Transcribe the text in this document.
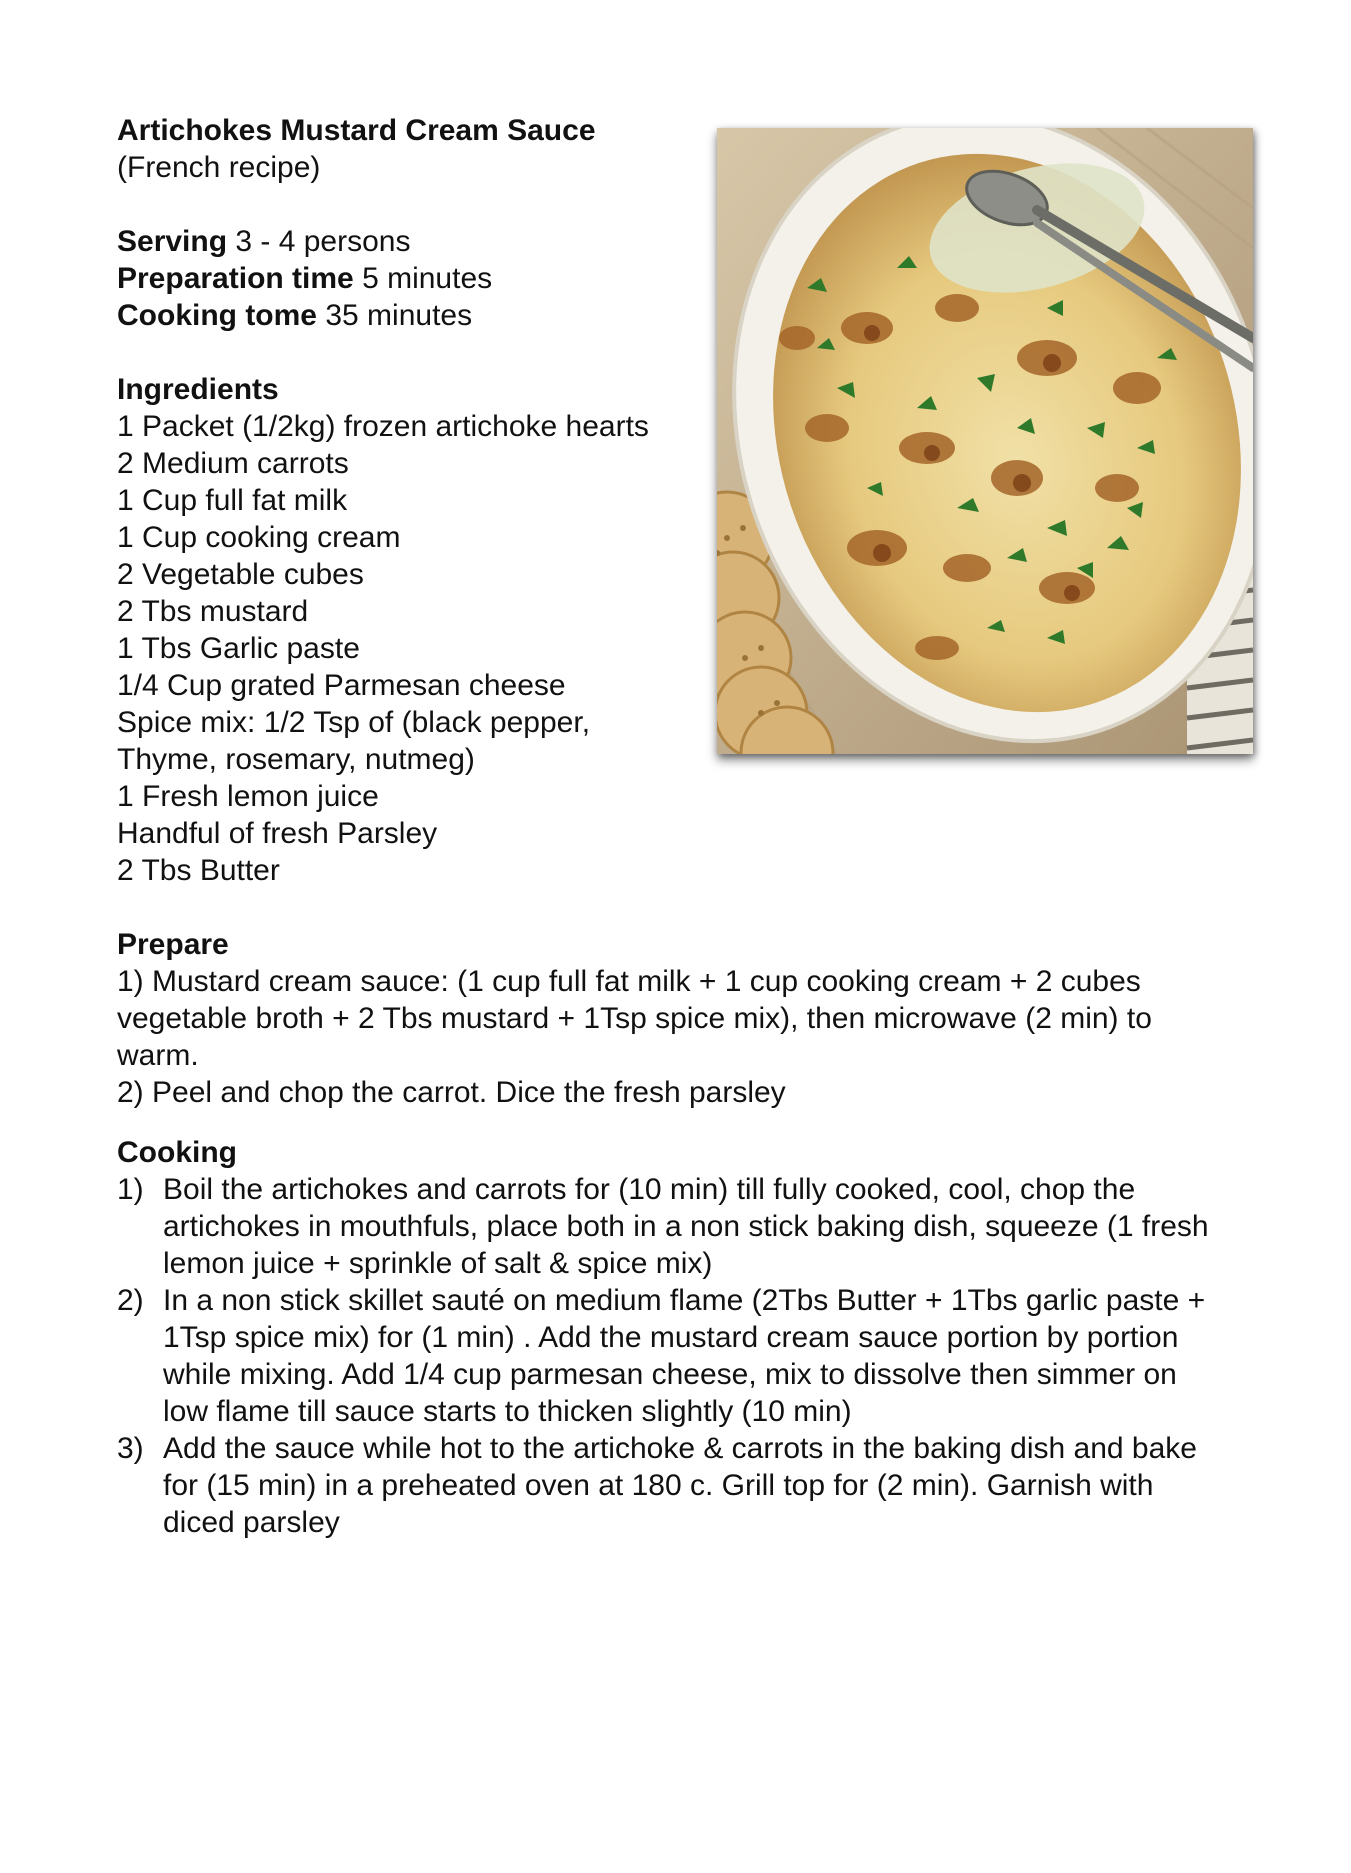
Artichokes Mustard Cream Sauce
(French recipe)
Serving 3 - 4 persons
Preparation time 5 minutes
Cooking tome 35 minutes
Ingredients
1 Packet (1/2kg) frozen artichoke hearts
2 Medium carrots
1 Cup full fat milk
1 Cup cooking cream
2 Vegetable cubes
2 Tbs mustard
1 Tbs Garlic paste
1/4 Cup grated Parmesan cheese
Spice mix: 1/2 Tsp of (black pepper,
Thyme, rosemary, nutmeg)
1 Fresh lemon juice
Handful of fresh Parsley
2 Tbs Butter
Prepare
1) Mustard cream sauce: (1 cup full fat milk + 1 cup cooking cream + 2 cubes
vegetable broth + 2 Tbs mustard + 1Tsp spice mix), then microwave (2 min) to
warm.
2) Peel and chop the carrot. Dice the fresh parsley
Cooking
1) Boil the artichokes and carrots for (10 min) till fully cooked, cool, chop the
artichokes in mouthfuls, place both in a non stick baking dish, squeeze (1 fresh
lemon juice + sprinkle of salt & spice mix)
2) In a non stick skillet sauté on medium flame (2Tbs Butter + 1Tbs garlic paste +
1Tsp spice mix) for (1 min) . Add the mustard cream sauce portion by portion
while mixing. Add 1/4 cup parmesan cheese, mix to dissolve then simmer on
low flame till sauce starts to thicken slightly (10 min)
3) Add the sauce while hot to the artichoke & carrots in the baking dish and bake
for (15 min) in a preheated oven at 180 c. Grill top for (2 min). Garnish with
diced parsley
